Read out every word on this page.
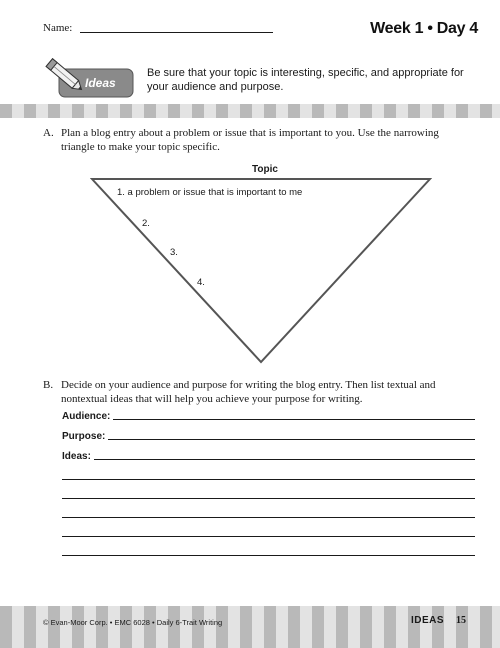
Name:	Week 1 • Day 4
Ideas
Be sure that your topic is interesting, specific, and appropriate for your audience and purpose.
A. Plan a blog entry about a problem or issue that is important to you. Use the narrowing triangle to make your topic specific.
Topic
1. a problem or issue that is important to me
2.
3.
4.
B. Decide on your audience and purpose for writing the blog entry. Then list textual and nontextual ideas that will help you achieve your purpose for writing.
Audience:
Purpose:
Ideas:
© Evan-Moor Corp. • EMC 6028 • Daily 6-Trait Writing	IDEAS 15
